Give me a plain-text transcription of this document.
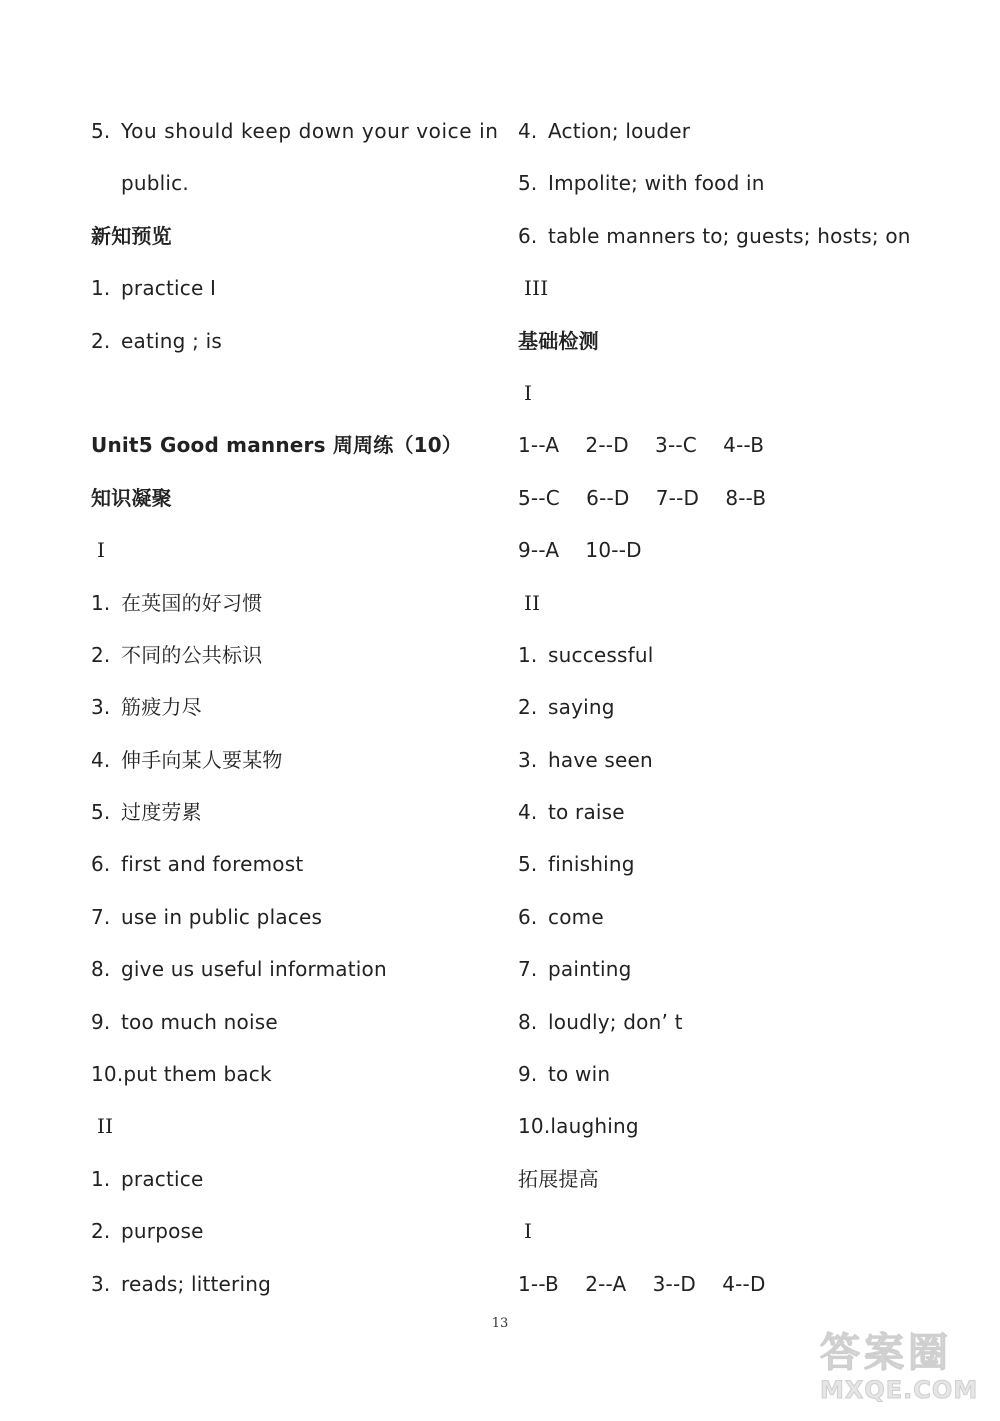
5. You should keep down your voice in
public.
新知预览
1. practice I
2. eating ; is
Unit5 Good manners 周周练（10）
知识凝聚
I
1. 在英国的好习惯
2. 不同的公共标识
3. 筋疲力尽
4. 伸手向某人要某物
5. 过度劳累
6. first and foremost
7. use in public places
8. give us useful information
9. too much noise
10.put them back
II
1. practice
2. purpose
3. reads; littering
4. Action; louder
5. Impolite; with food in
6. table manners to; guests; hosts; on
III
基础检测
I
1--A    2--D    3--C    4--B
5--C    6--D    7--D    8--B
9--A    10--D
II
1. successful
2. saying
3. have seen
4. to raise
5. finishing
6. come
7. painting
8. loudly; don’ t
9. to win
10.laughing
拓展提高
I
1--B    2--A    3--D    4--D
13
答案圈
MXQE.COM
